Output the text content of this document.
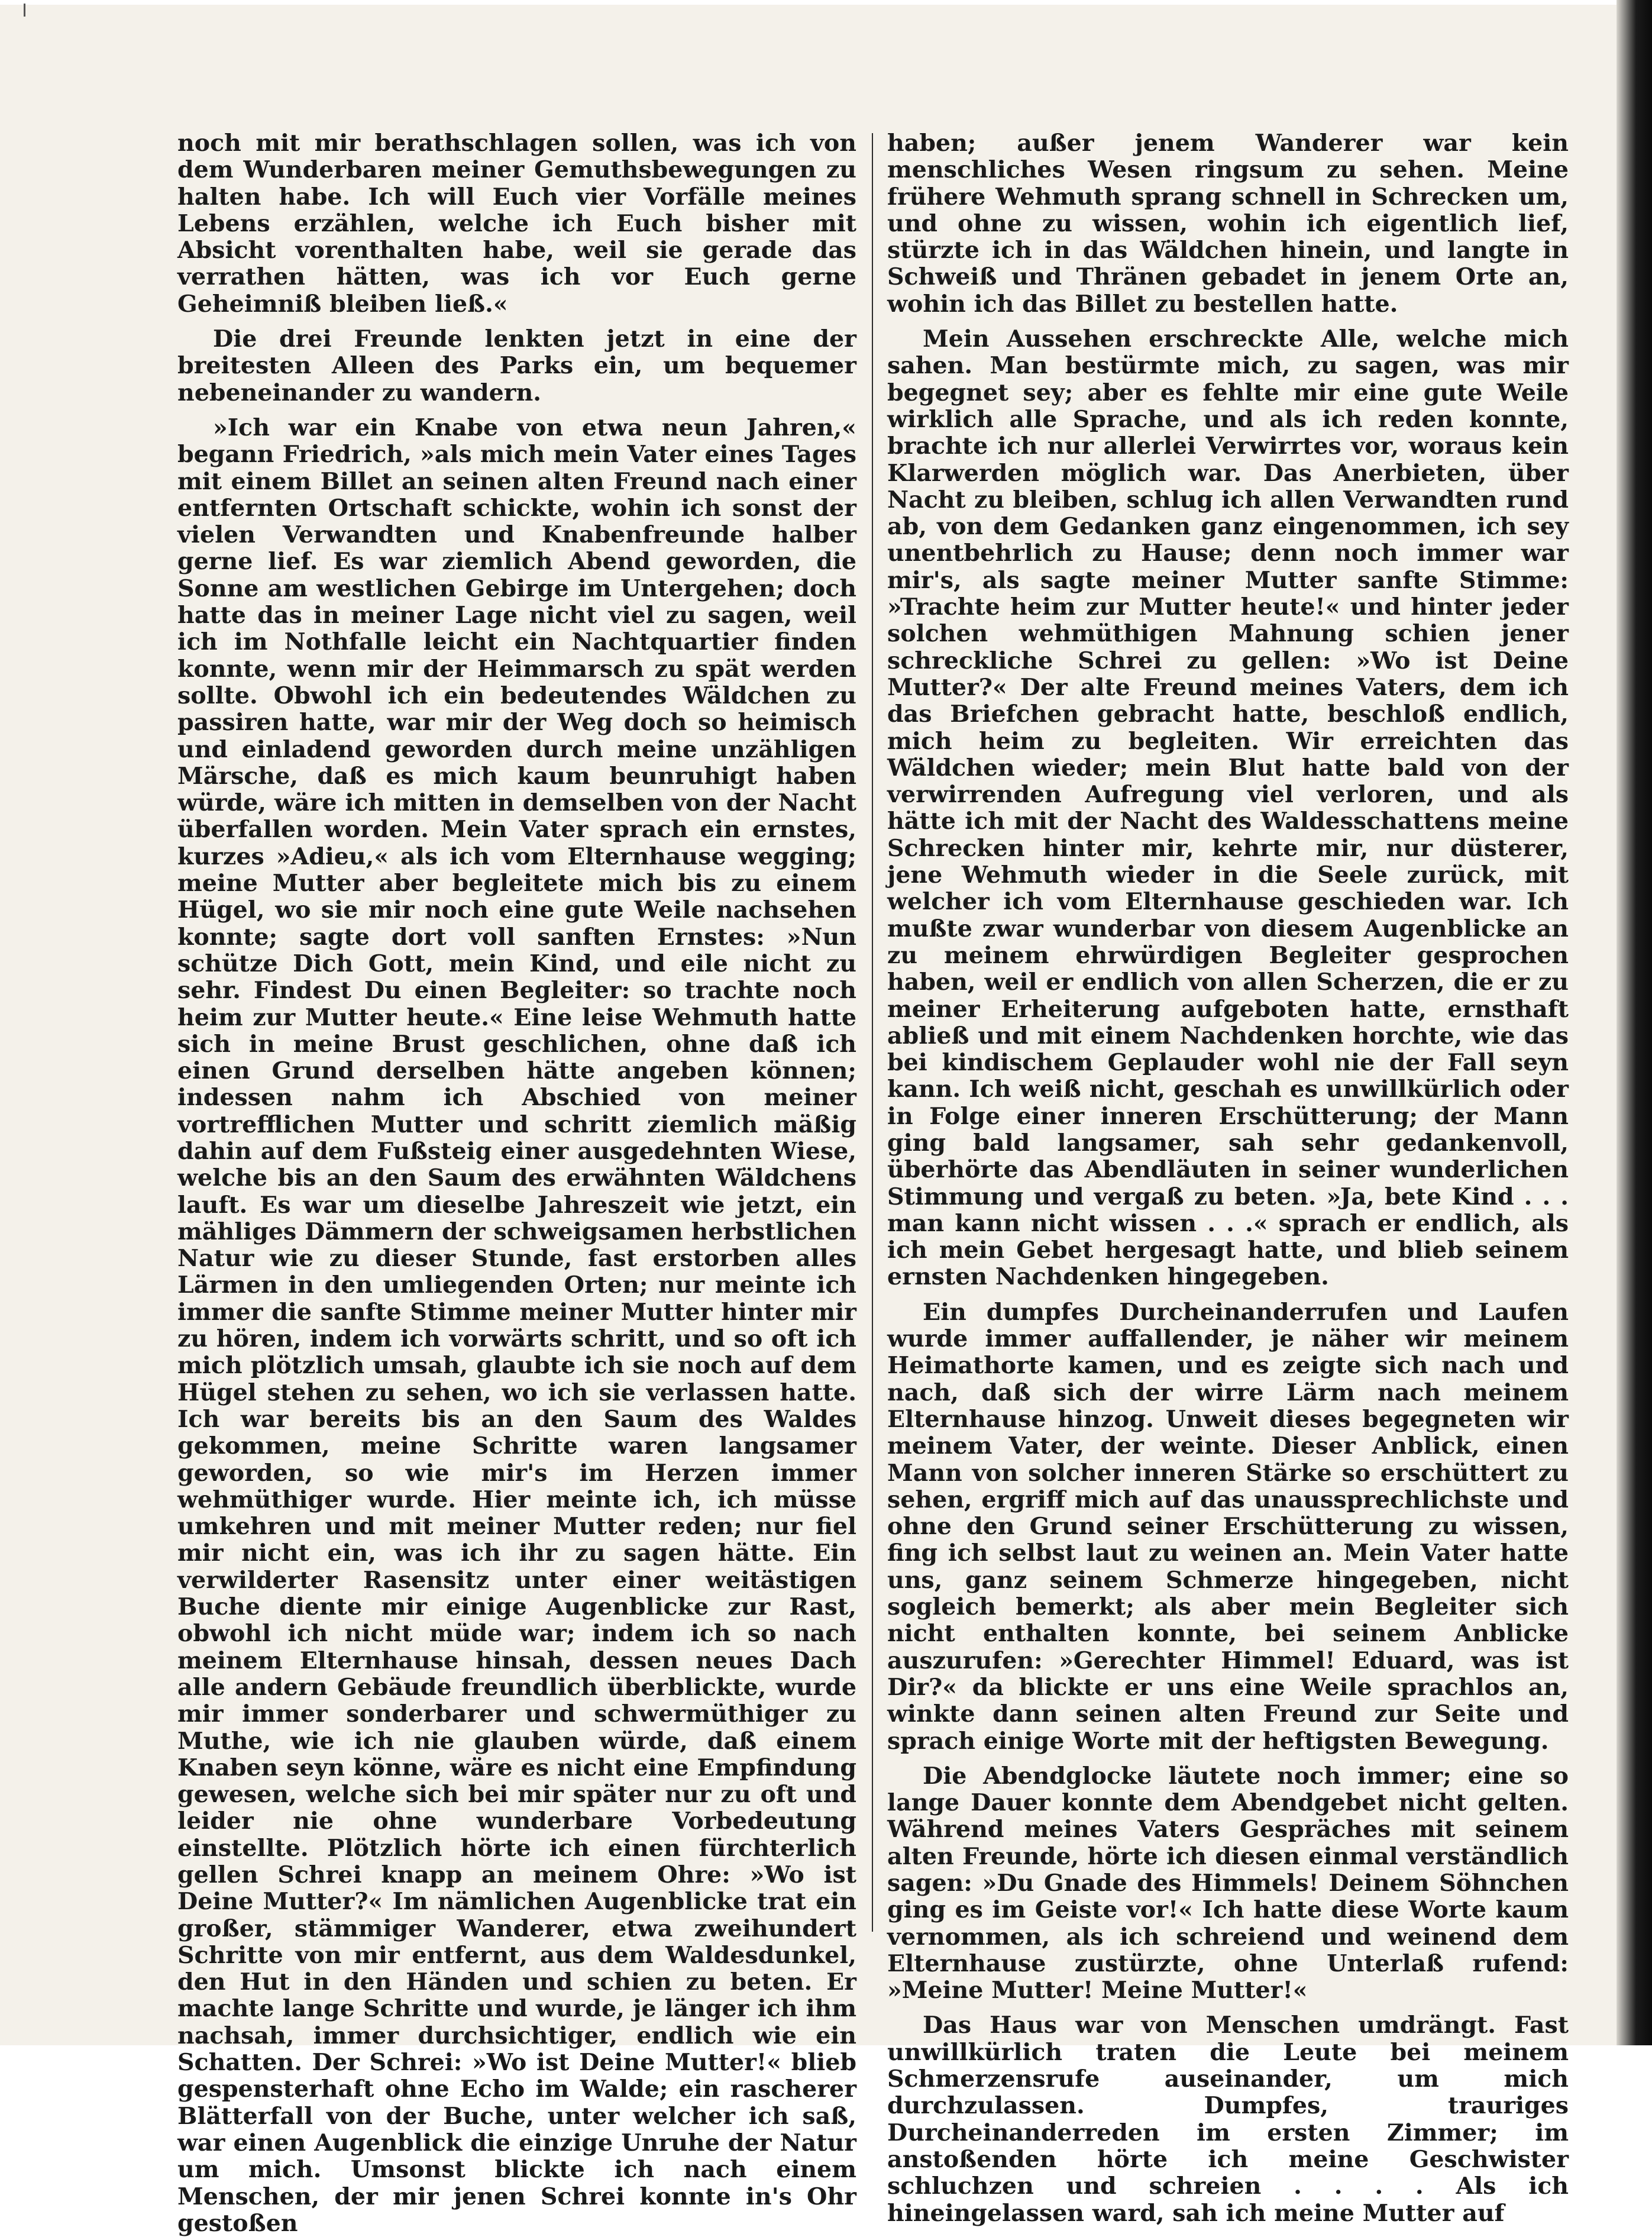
noch mit mir berathschlagen sollen, was ich von dem Wunderbaren meiner Gemuthsbewegungen zu halten habe. Ich will Euch vier Vorfälle meines Lebens erzählen, welche ich Euch bisher mit Absicht vorenthalten habe, weil sie gerade das verrathen hätten, was ich vor Euch gerne Geheimniß bleiben ließ.«

Die drei Freunde lenkten jetzt in eine der breitesten Alleen des Parks ein, um bequemer nebeneinander zu wandern.

»Ich war ein Knabe von etwa neun Jahren,« begann Friedrich, »als mich mein Vater eines Tages mit einem Billet an seinen alten Freund nach einer entfernten Ortschaft schickte, wohin ich sonst der vielen Verwandten und Knabenfreunde halber gerne lief. Es war ziemlich Abend geworden, die Sonne am westlichen Gebirge im Untergehen; doch hatte das in meiner Lage nicht viel zu sagen, weil ich im Nothfalle leicht ein Nachtquartier finden konnte, wenn mir der Heimmarsch zu spät werden sollte. Obwohl ich ein bedeutendes Wäldchen zu passiren hatte, war mir der Weg doch so heimisch und einladend geworden durch meine unzähligen Märsche, daß es mich kaum beunruhigt haben würde, wäre ich mitten in demselben von der Nacht überfallen worden. Mein Vater sprach ein ernstes, kurzes »Adieu,« als ich vom Elternhause wegging; meine Mutter aber begleitete mich bis zu einem Hügel, wo sie mir noch eine gute Weile nachsehen konnte; sagte dort voll sanften Ernstes: »Nun schütze Dich Gott, mein Kind, und eile nicht zu sehr. Findest Du einen Begleiter: so trachte noch heim zur Mutter heute.« Eine leise Wehmuth hatte sich in meine Brust geschlichen, ohne daß ich einen Grund derselben hätte angeben können; indessen nahm ich Abschied von meiner vortrefflichen Mutter und schritt ziemlich mäßig dahin auf dem Fußsteig einer ausgedehnten Wiese, welche bis an den Saum des erwähnten Wäldchens lauft. Es war um dieselbe Jahreszeit wie jetzt, ein mähliges Dämmern der schweigsamen herbstlichen Natur wie zu dieser Stunde, fast erstorben alles Lärmen in den umliegenden Orten; nur meinte ich immer die sanfte Stimme meiner Mutter hinter mir zu hören, indem ich vorwärts schritt, und so oft ich mich plötzlich umsah, glaubte ich sie noch auf dem Hügel stehen zu sehen, wo ich sie verlassen hatte. Ich war bereits bis an den Saum des Waldes gekommen, meine Schritte waren langsamer geworden, so wie mir's im Herzen immer wehmüthiger wurde. Hier meinte ich, ich müsse umkehren und mit meiner Mutter reden; nur fiel mir nicht ein, was ich ihr zu sagen hätte. Ein verwilderter Rasensitz unter einer weitästigen Buche diente mir einige Augenblicke zur Rast, obwohl ich nicht müde war; indem ich so nach meinem Elternhause hinsah, dessen neues Dach alle andern Gebäude freundlich überblickte, wurde mir immer sonderbarer und schwermüthiger zu Muthe, wie ich nie glauben würde, daß einem Knaben seyn könne, wäre es nicht eine Empfindung gewesen, welche sich bei mir später nur zu oft und leider nie ohne wunderbare Vorbedeutung einstellte. Plötzlich hörte ich einen fürchterlich gellen Schrei knapp an meinem Ohre: »Wo ist Deine Mutter?« Im nämlichen Augenblicke trat ein großer, stämmiger Wanderer, etwa zweihundert Schritte von mir entfernt, aus dem Waldesdunkel, den Hut in den Händen und schien zu beten. Er machte lange Schritte und wurde, je länger ich ihm nachsah, immer durchsichtiger, endlich wie ein Schatten. Der Schrei: »Wo ist Deine Mutter!« blieb gespensterhaft ohne Echo im Walde; ein rascherer Blätterfall von der Buche, unter welcher ich saß, war einen Augenblick die einzige Unruhe der Natur um mich. Umsonst blickte ich nach einem Menschen, der mir jenen Schrei konnte in's Ohr gestoßen

haben; außer jenem Wanderer war kein menschliches Wesen ringsum zu sehen. Meine frühere Wehmuth sprang schnell in Schrecken um, und ohne zu wissen, wohin ich eigentlich lief, stürzte ich in das Wäldchen hinein, und langte in Schweiß und Thränen gebadet in jenem Orte an, wohin ich das Billet zu bestellen hatte.

Mein Aussehen erschreckte Alle, welche mich sahen. Man bestürmte mich, zu sagen, was mir begegnet sey; aber es fehlte mir eine gute Weile wirklich alle Sprache, und als ich reden konnte, brachte ich nur allerlei Verwirrtes vor, woraus kein Klarwerden möglich war. Das Anerbieten, über Nacht zu bleiben, schlug ich allen Verwandten rund ab, von dem Gedanken ganz eingenommen, ich sey unentbehrlich zu Hause; denn noch immer war mir's, als sagte meiner Mutter sanfte Stimme: »Trachte heim zur Mutter heute!« und hinter jeder solchen wehmüthigen Mahnung schien jener schreckliche Schrei zu gellen: »Wo ist Deine Mutter?« Der alte Freund meines Vaters, dem ich das Briefchen gebracht hatte, beschloß endlich, mich heim zu begleiten. Wir erreichten das Wäldchen wieder; mein Blut hatte bald von der verwirrenden Aufregung viel verloren, und als hätte ich mit der Nacht des Waldesschattens meine Schrecken hinter mir, kehrte mir, nur düsterer, jene Wehmuth wieder in die Seele zurück, mit welcher ich vom Elternhause geschieden war. Ich mußte zwar wunderbar von diesem Augenblicke an zu meinem ehrwürdigen Begleiter gesprochen haben, weil er endlich von allen Scherzen, die er zu meiner Erheiterung aufgeboten hatte, ernsthaft abließ und mit einem Nachdenken horchte, wie das bei kindischem Geplauder wohl nie der Fall seyn kann. Ich weiß nicht, geschah es unwillkürlich oder in Folge einer inneren Erschütterung; der Mann ging bald langsamer, sah sehr gedankenvoll, überhörte das Abendläuten in seiner wunderlichen Stimmung und vergaß zu beten. »Ja, bete Kind . . . man kann nicht wissen . . .« sprach er endlich, als ich mein Gebet hergesagt hatte, und blieb seinem ernsten Nachdenken hingegeben.

Ein dumpfes Durcheinanderrufen und Laufen wurde immer auffallender, je näher wir meinem Heimathorte kamen, und es zeigte sich nach und nach, daß sich der wirre Lärm nach meinem Elternhause hinzog. Unweit dieses begegneten wir meinem Vater, der weinte. Dieser Anblick, einen Mann von solcher inneren Stärke so erschüttert zu sehen, ergriff mich auf das unaussprechlichste und ohne den Grund seiner Erschütterung zu wissen, fing ich selbst laut zu weinen an. Mein Vater hatte uns, ganz seinem Schmerze hingegeben, nicht sogleich bemerkt; als aber mein Begleiter sich nicht enthalten konnte, bei seinem Anblicke auszurufen: »Gerechter Himmel! Eduard, was ist Dir?« da blickte er uns eine Weile sprachlos an, winkte dann seinen alten Freund zur Seite und sprach einige Worte mit der heftigsten Bewegung.

Die Abendglocke läutete noch immer; eine so lange Dauer konnte dem Abendgebet nicht gelten. Während meines Vaters Gespräches mit seinem alten Freunde, hörte ich diesen einmal verständlich sagen: »Du Gnade des Himmels! Deinem Söhnchen ging es im Geiste vor!« Ich hatte diese Worte kaum vernommen, als ich schreiend und weinend dem Elternhause zustürzte, ohne Unterlaß rufend: »Meine Mutter! Meine Mutter!«

Das Haus war von Menschen umdrängt. Fast unwillkürlich traten die Leute bei meinem Schmerzensrufe auseinander, um mich durchzulassen. Dumpfes, trauriges Durcheinanderreden im ersten Zimmer; im anstoßenden hörte ich meine Geschwister schluchzen und schreien . . . . Als ich hineingelassen ward, sah ich meine Mutter auf
